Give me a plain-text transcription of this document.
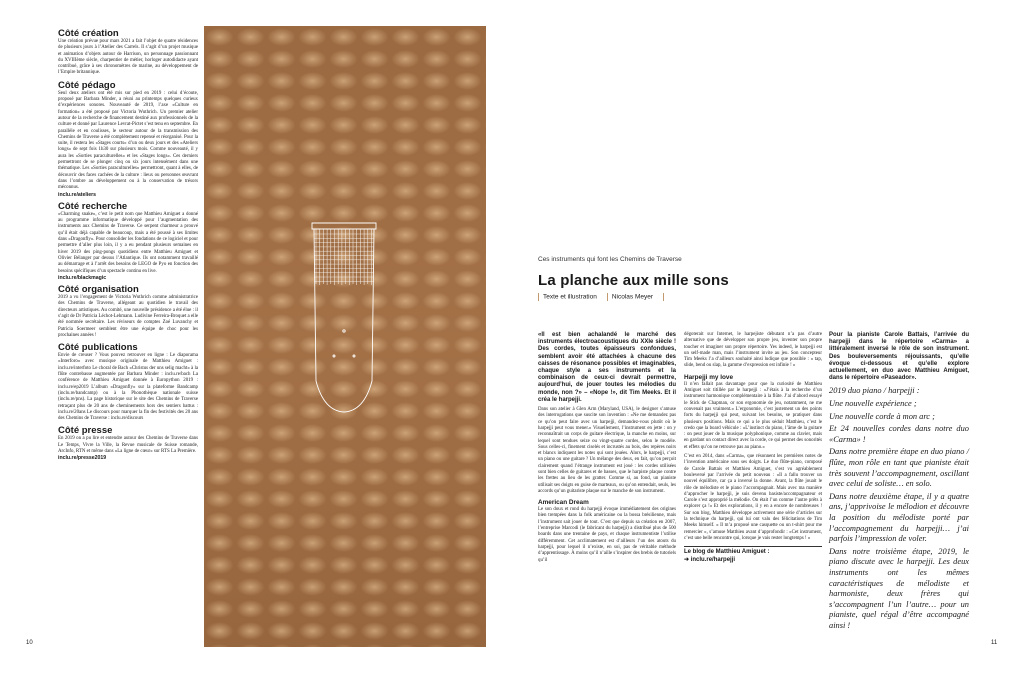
Côté création

Une création prévue pour mars 2021 a fait l’objet de quatre résidences de plusieurs jours à l’Atelier des Carrels. Il s’agit d’un projet musique et animation d’objets autour de Harrison, un personnage passionnant du XVIIIème siècle, charpentier de métier, horloger autodidacte ayant contribué, grâce à ses chronomètres de marine, au développement de l’Empire britannique.

Côté pédago

Seul deux ateliers ont été mis sur pied en 2019 : celui d’écoute, proposé par Barbara Minder, a réuni au printemps quelques curieux d’expériences sonores. Nouveauté de 2019, l’axe «Culture en formation» a été proposé par Victoria Wuthrich. Un premier atelier autour de la recherche de financement destiné aux professionnels de la culture et donné par Laurence Levrat-Pictet s’est tenu en septembre. En parallèle et en coulisses, le secteur autour de la transmission des Chemins de Traverse a été complètement repensé et réorganisé. Pour la suite, il restera les «Stages courts» d’un ou deux jours et des «Ateliers longs» de sept fois 1h30 sur plusieurs mois. Comme nouveauté, il y aura les «Sorties paraculturelles» et les «Stages longs». Ces derniers permettront de se plonger cinq ou six jours intensément dans une thématique. Les «Sorties paraculturelles» permettront, quant à elles, de découvrir des faces cachées de la culture : lieux ou personnes œuvrant dans l’ombre au développement ou à la conservation de trésors méconnus.

inclu.re/ateliers
Côté recherche

«Charming snake», c’est le petit nom que Matthieu Amiguet a donné au programme informatique développé pour l’augmentation des instruments aux Chemins de Traverse. Ce serpent charmeur a prouvé qu’il était déjà capable de beaucoup, mais a été poussé à ses limites dans «Dragonfly». Pour consolider les fondations de ce logiciel et pour permettre d’aller plus loin, il y a eu pendant plusieurs semaines en hiver 2019 des ping-pongs quotidiens entre Matthieu Amiguet et Olivier Bélanger par dessus l’Atlantique. Ils ont notamment travaillé au démarrage et à l’arrêt des besoins de LEGO de Pyo en fonction des besoins spécifiques d’un spectacle continu en live.

inclu.re/blackmagic
Côté organisation

2019 a vu l’engagement de Victoria Wuthrich comme administratrice des Chemins de Traverse, allégeant au quotidien le travail des directeurs artistiques. Au comité, une nouvelle présidence a été élue : il s’agit de Dr Patricia Léchot-Lehmann. Ludivine Ferreira-Broquet a elle été nommée secrétaire. Les réviseurs de comptes Zoé Luvanchy et Patricia Soermeer semblent être une équipe de choc pour les prochaines années !

Côté publications

Envie de creuser ? Vous pouvez retrouver en ligne : Le diaporama «Interforo» avec musique originale de Matthieu Amiguet : inclu.re/interfoto Le choral de Bach «Christus der uns selig macht» à la flûte contrebasse augmentée par Barbara Minder : inclu.re/bach La conférence de Matthieu Amiguet donnée à Europython 2019 : inclu.re/ep2019 L’album «Dragonfly» sur la plateforme Bandcamp (inclu.re/bandcamp) ou à la Phonothèque nationale suisse (inclu.re/pns). La page historique sur le site des Chemins de Traverse retraçant plus de 20 ans de cheminements hors des sentiers battus : inclu.re/20ans Le discours pour marquer la fin des festivités des 20 ans des Chemins de Traverse : inclu.re/discours

Côté presse

En 2019 on a pu lire et entendre autour des Chemins de Traverse dans Le Temps, Vivre la Ville, la Revue musicale de Suisse romande, ArcInfo, RTN et même dans «La ligne de cœur» sur RTS La Première.

inclu.re/presse2019
10
Ces instruments qui font les Chemins de Traverse
La planche aux mille sons
Texte et illustration	Nicolas Meyer

«Il est bien achalandé le marché des instruments électroacoustiques du XXIe siècle ! Des cordes, toutes épaisseurs confondues, semblent avoir été attachées à chacune des caisses de résonance possibles et imaginables, chaque style a ses instruments et la combinaison de ceux-ci devrait permettre, aujourd’hui, de jouer toutes les mélodies du monde, non ?» – «Nope !», dit Tim Meeks. Et il créa le harpejji.

Dans son atelier à Glen Arm (Maryland, USA), le designer s’amuse des interrogations que suscite son invention : «Ne me demandez pas ce qu’on peut faire avec un harpejji, demandez-vous plutôt où le harpejji peut vous mener.» Visuellement, l’instrument en jette : on y reconnaîtrait un corps de guitare électrique, la manche en moins, sur lequel sont tendues seize ou vingt-quatre cordes, selon le modèle. Sous celles-ci, finement ciselés et incrustés au bois, des repères noirs et blancs indiquent les notes qui sont jouées. Alors, le harpejji, c’est un piano ou une guitare ? Un mélange des deux, en fait, qu’on perçoit clairement quand l’étrange instrument est joué : les cordes utilisées sont bien celles de guitares et de basses, que le harpiste plaque contre les frettes au lieu de les gratter. Comme si, au fond, un pianiste utilisait ses doigts en guise de marteaux, ou qu’on entendait, seuls, les accords qu’un guitariste plaque sur le manche de son instrument.

American Dream

Le son doux et rond du harpejji évoque immédiatement des origines bien trempées dans la folk américaine ou la bossa brésilienne, mais l’instrument sait jouer de tout. C’est que depuis sa création en 2007, l’entreprise Marcodi (le fabricant du harpejji) a distribué plus de 500 boards dans une trentaine de pays, et chaque instrumentiste l’utilise différemment. Cet acclimatement est d’ailleurs l’un des atouts du harpejji, pour lequel il n’existe, en soi, pas de véritable méthode d’apprentissage. À moins qu’il n’aille s’inspirer des brebis de tutoriels qu’il

dégoterait sur Internet, le harpejiste débutant n’a pas d’autre alternative que de développer son propre jeu, inventer son propre toucher et imaginer son propre répertoire. Yes indeed, le harpejji est un self-made man, mais l’instrument invite au jeu. Son concepteur Tim Meeks l’a d’ailleurs souhaité ainsi ludique que possible : « tap, slide, bend ou slap, la gamme d’expression est infinie ! »

Harpejji my love

Il n’en fallait pas davantage pour que la curiosité de Matthieu Amiguet soit titillée par le harpejji : «J’étais à la recherche d’un instrument harmonique complémentaire à la flûte. J’ai d’abord essayé le Stick de Chapman, or son ergonomie de jeu, notamment, ne me convenait pas vraiment.» L’ergonomie, c’est justement un des points forts du harpejji qui peut, suivant les besoins, se pratiquer dans plusieurs positions. Mais ce qui a le plus séduit Matthieu, c’est le credo que la board véhicule : «L’instinct du piano, l’âme de la guitare : on peut jouer de la musique polyphonique, comme au clavier, mais en gardant un contact direct avec la corde, ce qui permet des sonorités et effets qu’on ne retrouve pas au piano.»

C’est en 2014, dans «Carma», que résonnent les premières notes de l’invention américaine sous ses doigts. Le duo flûte-piano, composé de Carole Battais et Matthieu Amiguet, s’est vu agréablement bouleversé par l’arrivée du petit nouveau : «Il a fallu trouver un nouvel équilibre, car ça a inversé la donne. Avant, la flûte jouait le rôle de mélodiste et le piano l’accompagnait. Mais avec ma manière d’approcher le harpejji, je suis devenu basiste/accompagnateur et Carole s’est approprié la mélodie. On était l’un comme l’autre prêts à explorer ça !» Et des explorations, il y en a encore de nombreuses ! Sur son blog, Matthieu développe activement une série d’articles sur la technique du harpejji, qui lui ont valu des félicitations de Tim Meeks himself. « Il m’a proposé une casquette ou un t-shirt pour me remercier », s’amuse Matthieu avant d’approfondir : «Cet instrument, c’est une belle rencontre qui, lorsque je vais rester longtemps ! »

Le blog de Matthieu Amiguet :
➜ inclu.re/harpejji
Pour la pianiste Carole Battais, l’arrivée du harpejji dans le répertoire «Carma» a littéralement inversé le rôle de son instrument. Des bouleversements réjouissants, qu’elle évoque ci-dessous et qu’elle explore actuellement, en duo avec Matthieu Amiguet, dans le répertoire «Paseador».

2019 duo piano / harpejji :

Une nouvelle expérience ;

Une nouvelle corde à mon arc ;

Et 24 nouvelles cordes dans notre duo «Carma» !

Dans notre première étape en duo piano / flûte, mon rôle en tant que pianiste était très souvent l’accompagnement, oscillant avec celui de soliste… en solo.

Dans notre deuxième étape, il y a quatre ans, j’apprivoise le mélodion et découvre la position du mélodiste porté par l’accompagnement du harpejji… j’ai parfois l’impression de voler.

Dans notre troisième étape, 2019, le piano discute avec le harpejji. Les deux instruments ont les mêmes caractéristiques de mélodiste et harmoniste, deux frères qui s’accompagnent l’un l’autre… pour un pianiste, quel régal d’être accompagné ainsi !

11
